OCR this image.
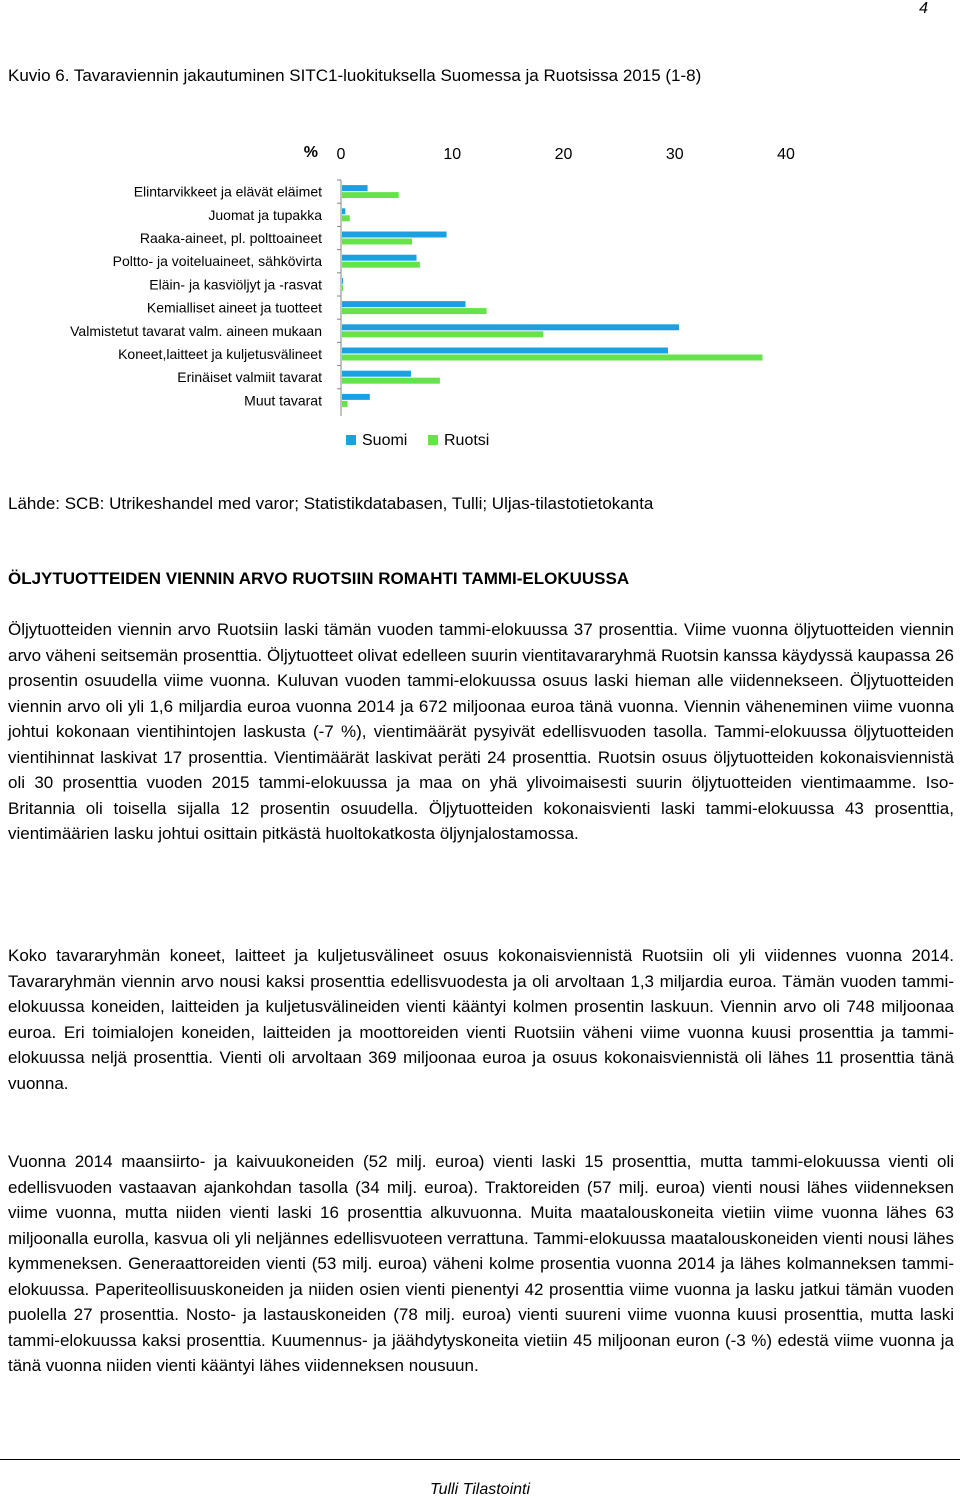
4
Kuvio 6. Tavaraviennin jakautuminen SITC1-luokituksella Suomessa ja Ruotsissa 2015 (1-8)
% 0	10	20	30	40
Elintarvikkeet ja elävät eläimet
Juomat ja tupakka
Raaka-aineet, pl. polttoaineet
Poltto- ja voiteluaineet, sähkövirta
Eläin- ja kasviöljyt ja -rasvat
Kemialliset aineet ja tuotteet
Valmistetut tavarat valm. aineen mukaan
Koneet,laitteet ja kuljetusvälineet
Erinäiset valmiit tavarat
Muut tavarat
Suomi Ruotsi
Lähde: SCB: Utrikeshandel med varor; Statistikdatabasen, Tulli; Uljas-tilastotietokanta
ÖLJYTUOTTEIDEN VIENNIN ARVO RUOTSIIN ROMAHTI TAMMI-ELOKUUSSA

Öljytuotteiden viennin arvo Ruotsiin laski tämän vuoden tammi-elokuussa 37 prosenttia. Viime vuonna öljytuotteiden viennin arvo väheni seitsemän prosenttia. Öljytuotteet olivat edelleen suurin vientitavararyhmä Ruotsin kanssa käydyssä kaupassa 26 prosentin osuudella viime vuonna. Kuluvan vuoden tammi-elokuussa osuus laski hieman alle viidennekseen. Öljytuotteiden viennin arvo oli yli 1,6 miljardia euroa vuonna 2014 ja 672 miljoonaa euroa tänä vuonna. Viennin väheneminen viime vuonna johtui kokonaan vientihintojen laskusta (-7 %), vientimäärät pysyivät edellisvuoden tasolla. Tammi-elokuussa öljytuotteiden vientihinnat laskivat 17 prosenttia. Vientimäärät laskivat peräti 24 prosenttia. Ruotsin osuus öljytuotteiden kokonaisviennistä oli 30 prosenttia vuoden 2015 tammi-elokuussa ja maa on yhä ylivoimaisesti suurin öljytuotteiden vientimaamme. Iso-Britannia oli toisella sijalla 12 prosentin osuudella. Öljytuotteiden kokonaisvienti laski tammi-elokuussa 43 prosenttia, vientimäärien lasku johtui osittain pitkästä huoltokatkosta öljynjalostamossa.

Koko tavararyhmän koneet, laitteet ja kuljetusvälineet osuus kokonaisviennistä Ruotsiin oli yli viidennes vuonna 2014. Tavararyhmän viennin arvo nousi kaksi prosenttia edellisvuodesta ja oli arvoltaan 1,3 miljardia euroa. Tämän vuoden tammi-elokuussa koneiden, laitteiden ja kuljetusvälineiden vienti kääntyi kolmen prosentin laskuun. Viennin arvo oli 748 miljoonaa euroa. Eri toimialojen koneiden, laitteiden ja moottoreiden vienti Ruotsiin väheni viime vuonna kuusi prosenttia ja tammi-elokuussa neljä prosenttia. Vienti oli arvoltaan 369 miljoonaa euroa ja osuus kokonaisviennistä oli lähes 11 prosenttia tänä vuonna.

Vuonna 2014 maansiirto- ja kaivuukoneiden (52 milj. euroa) vienti laski 15 prosenttia, mutta tammi-elokuussa vienti oli edellisvuoden vastaavan ajankohdan tasolla (34 milj. euroa). Traktoreiden (57 milj. euroa) vienti nousi lähes viidenneksen viime vuonna, mutta niiden vienti laski 16 prosenttia alkuvuonna. Muita maatalouskoneita vietiin viime vuonna lähes 63 miljoonalla eurolla, kasvua oli yli neljännes edellisvuoteen verrattuna. Tammi-elokuussa maatalouskoneiden vienti nousi lähes kymmeneksen. Generaattoreiden vienti (53 milj. euroa) väheni kolme prosentia vuonna 2014 ja lähes kolmanneksen tammi-elokuussa. Paperiteollisuuskoneiden ja niiden osien vienti pienentyi 42 prosenttia viime vuonna ja lasku jatkui tämän vuoden puolella 27 prosenttia. Nosto- ja lastauskoneiden (78 milj. euroa) vienti suureni viime vuonna kuusi prosenttia, mutta laski tammi-elokuussa kaksi prosenttia. Kuumennus- ja jäähdytyskoneita vietiin 45 miljoonan euron (-3 %) edestä viime vuonna ja tänä vuonna niiden vienti kääntyi lähes viidenneksen nousuun.

Tulli Tilastointi
